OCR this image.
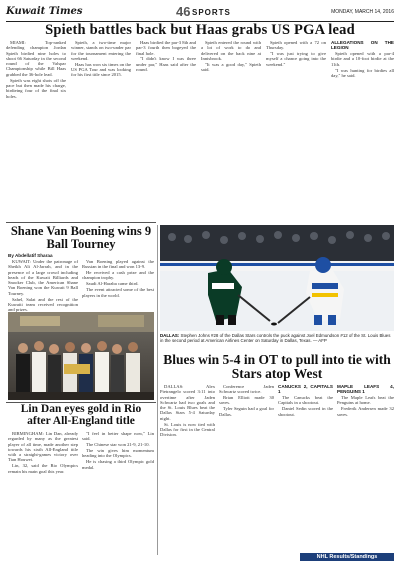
Kuwait Times	46 SPORTS	MONDAY, MARCH 14, 2016
Spieth battles back but Haas grabs US PGA lead

MIAMI: Top-ranked defending champion Jordan Spieth birdied nine holes to shoot 66 Saturday in the second round of the Valspar Championship while Bill Haas grabbed the 36-hole lead.

Spieth was eight shots off the pace but then made his charge, birdieing four of the final six holes.

Spieth, a two-time major winner, stands on two-under par for the tournament entering the weekend.

Haas has won six times on the US PGA Tour and was looking for his first title since 2015.

Haas birdied the par-3 8th and par-3 fourth then bogeyed the final hole.

"I didn't know I was three under par," Haas said after the round.

Spieth entered the round with a lot of work to do and delivered on the back nine at Innisbrook.

"It was a good day," Spieth said.

Spieth opened with a 72 on Thursday.

"I was just trying to give myself a chance going into the weekend."

ALLEGATIONS ON THE LEGION

Spieth opened with a par-4 birdie and a 10-foot birdie at the 11th.

"I was hunting for birdies all day," he said.

Shane Van Boening wins 9 Ball Tourney
By Abdellatif Sharaa

KUWAIT: Under the patronage of Sheikh Ali Al-Jarrah, and in the presence of a large crowd including heads of the Kuwait Billiards and Snooker Club, the American Shane Van Boening won the Kuwait 9 Ball Tourney.

Sahel, Salat and the rest of the Kuwaiti team received recognition and prizes.

Van Boening played against the Russian in the final and won 13-9.

He received a cash prize and the champion trophy.

Saudi Al-Haraba came third.

The event attracted some of the best players in the world.

Lin Dan eyes gold in Rio after All-England title

BIRMINGHAM: Lin Dan, already regarded by many as the greatest player of all time, made another step towards his sixth All-England title with a straight-games victory over Tian Houwei.

Lin, 32, said the Rio Olympics remain his main goal this year.

"I feel in better shape now," Lin said.

The Chinese star won 21-9, 21-10.

The win gives him momentum heading into the Olympics.

He is chasing a third Olympic gold medal.

DALLAS: Stephen Johns #28 of the Dallas Stars controls the puck against Joel Edmundson #12 of the St. Louis Blues in the second period at American Airlines Center on Saturday in Dallas, Texas. — AFP
Blues win 5-4 in OT to pull into tie with Stars atop West

DALLAS: Alex Pietrangelo scored 3:11 into overtime after Jaden Schwartz had two goals and the St. Louis Blues beat the Dallas Stars 5-4 Saturday night.

St. Louis is now tied with Dallas for first in the Central Division.

Conference Jaden Schwartz scored twice.

Brian Elliott made 30 saves.

Tyler Seguin had a goal for Dallas.

CANUCKS 2, CAPITALS 1

The Canucks beat the Capitals in a shootout.

Daniel Sedin scored in the shootout.

MAPLE LEAFS 4, PENGUINS 1

The Maple Leafs beat the Penguins at home.

Frederik Andersen made 32 saves.

NHL Results/Standings
